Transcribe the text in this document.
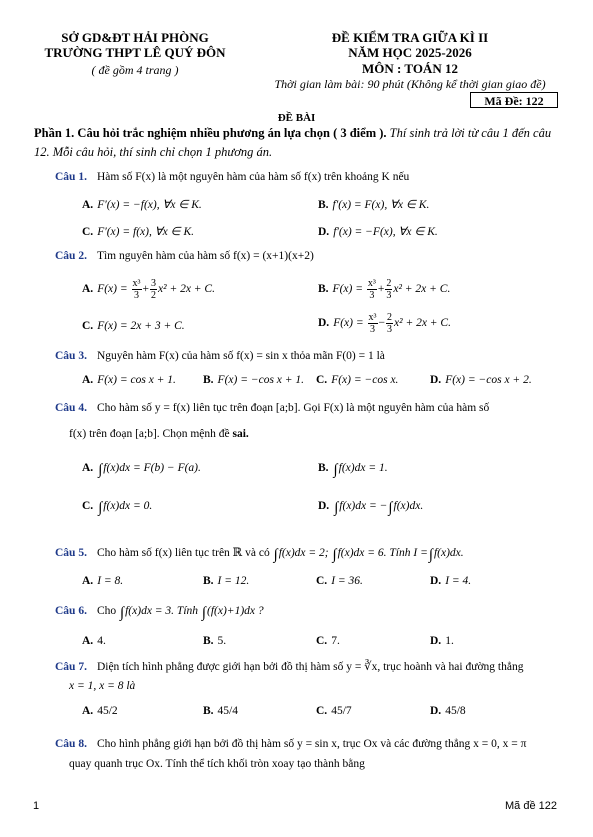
SỞ GD&ĐT HẢI PHÒNG
TRƯỜNG THPT LÊ QUÝ ĐÔN
( đề gồm 4 trang )
ĐỀ KIỂM TRA GIỮA KÌ II
NĂM HỌC 2025-2026
MÔN : TOÁN 12
Thời gian làm bài: 90 phút (Không kể thời gian giao đề)
Mã Đề: 122
ĐỀ BÀI
Phần 1. Câu hỏi trắc nghiệm nhiều phương án lựa chọn ( 3 điểm ). Thí sinh trả lời từ câu 1 đến câu 12. Mỗi câu hỏi, thí sinh chỉ chọn 1 phương án.
Câu 1. Hàm số F(x) là một nguyên hàm của hàm số f(x) trên khoảng K nếu
A. F′(x) = −f(x), ∀x ∈ K.	B. f′(x) = F(x), ∀x ∈ K.
C. F′(x) = f(x), ∀x ∈ K.	D. f′(x) = −F(x), ∀x ∈ K.
Câu 2. Tìm nguyên hàm của hàm số f(x) = (x+1)(x+2)
A. $F(x) = \frac{\text{x³}}{3} + \frac{3}{2} x^2 + 2x + C$.	B. $F(x) = \frac{\text{x³}}{3} + \frac{2}{3} x^2 + 2x + C$.
C. F(x) = 2x + 3 + C.	D. $F(x) = \frac{\text{x³}}{3} - \frac{2}{3} x^2 + 2x + C$.
Câu 3. Nguyên hàm F(x) của hàm số f(x) = sin x thỏa mãn F(0) = 1 là
A. F(x) = cos x + 1. B. F(x) = −cos x + 1. C. F(x) = −cos x.	D. F(x) = −cos x + 2.
Câu 4. Cho hàm số y = f(x) liên tục trên đoạn [a;b]. Gọi F(x) là một nguyên hàm của hàm số
f(x) trên đoạn [a;b]. Chọn mệnh đề sai.
A. ∫f(x)dx = F(b) − F(a).	B. ∫f(x)dx = 1.
C. ∫f(x)dx = 0.	D. ∫f(x)dx = −∫f(x)dx.
Câu 5. Cho hàm số f(x) liên tục trên ℝ và có ∫f(x)dx = 2; ∫f(x)dx = 6. Tính I =∫f(x)dx.
A. I = 8.	B. I = 12.	C. I = 36.	D. I = 4.
Câu 6. Cho ∫f(x)dx = 3. Tính ∫(f(x)+1)dx ?
A. 4.	B. 5.	C. 7.	D. 1.
Câu 7. Diện tích hình phẳng được giới hạn bởi đồ thị hàm số y = ∛x, trục hoành và hai đường thẳng
x = 1, x = 8 là
A. 45/2	B. 45/4	C. 45/7	D. 45/8
Câu 8. Cho hình phẳng giới hạn bởi đồ thị hàm số y = sin x, trục Ox và các đường thẳng x = 0, x = π
quay quanh trục Ox. Tính thể tích khối tròn xoay tạo thành bằng
1	Mã đề 122
